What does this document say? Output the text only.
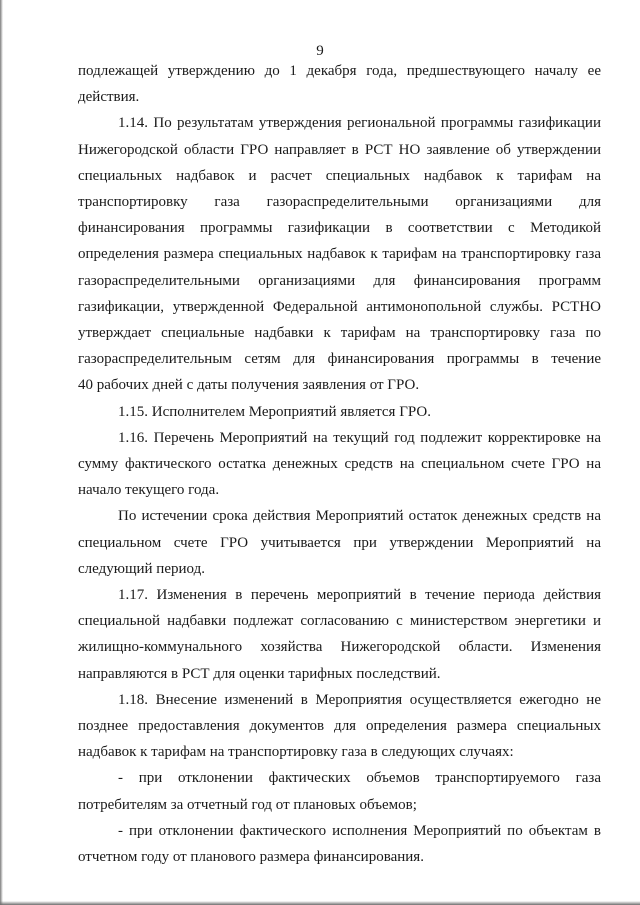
9

подлежащей утверждению до 1 декабря года, предшествующего началу ее

действия.

1.14. По результатам утверждения региональной программы газификации

Нижегородской области ГРО направляет в РСТ НО заявление об утверждении

специальных надбавок и расчет специальных надбавок к тарифам на

транспортировку газа газораспределительными организациями для

финансирования программы газификации в соответствии с Методикой

определения размера специальных надбавок к тарифам на транспортировку газа

газораспределительными организациями для финансирования программ

газификации, утвержденной Федеральной антимонопольной службы. РСТНО

утверждает специальные надбавки к тарифам на транспортировку газа по

газораспределительным сетям для финансирования программы в течение

40 рабочих дней с даты получения заявления от ГРО.

1.15. Исполнителем Мероприятий является ГРО.

1.16. Перечень Мероприятий на текущий год подлежит корректировке на

сумму фактического остатка денежных средств на специальном счете ГРО на

начало текущего года.

По истечении срока действия Мероприятий остаток денежных средств на

специальном счете ГРО учитывается при утверждении Мероприятий на

следующий период.

1.17. Изменения в перечень мероприятий в течение периода действия

специальной надбавки подлежат согласованию с министерством энергетики и

жилищно-коммунального хозяйства Нижегородской области. Изменения

направляются в РСТ для оценки тарифных последствий.

1.18. Внесение изменений в Мероприятия осуществляется ежегодно не

позднее предоставления документов для определения размера специальных

надбавок к тарифам на транспортировку газа в следующих случаях:

- при отклонении фактических объемов транспортируемого газа

потребителям за отчетный год от плановых объемов;

- при отклонении фактического исполнения Мероприятий по объектам в

отчетном году от планового размера финансирования.
